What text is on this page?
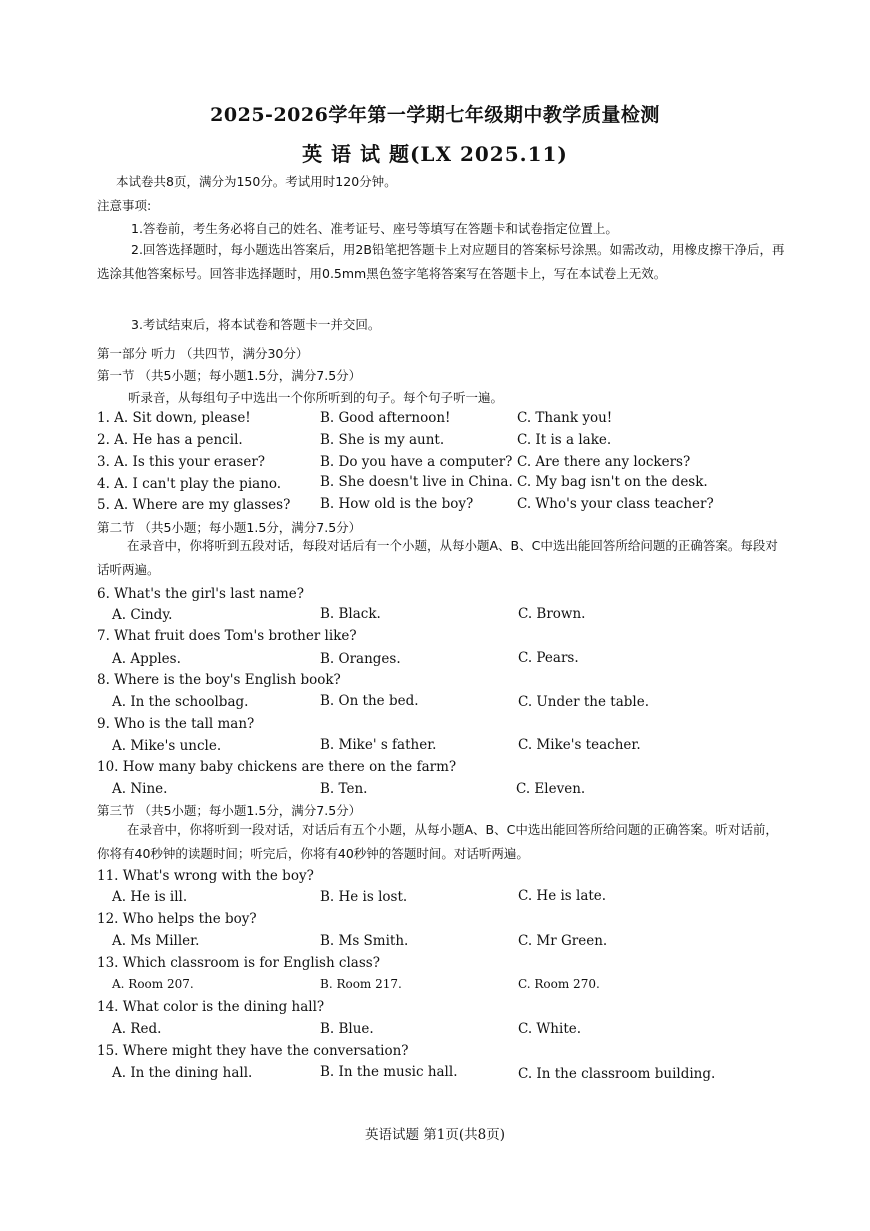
2025-2026学年第一学期七年级期中教学质量检测
英 语 试 题(LX 2025.11)
本试卷共8页，满分为150分。考试用时120分钟。
注意事项:
1.答卷前，考生务必将自己的姓名、准考证号、座号等填写在答题卡和试卷指定位置上。
2.回答选择题时，每小题选出答案后，用2B铅笔把答题卡上对应题目的答案标号涂黑。如需改动，用橡皮擦干净后，再选涂其他答案标号。回答非选择题时，用0.5mm黑色签字笔将答案写在答题卡上，写在本试卷上无效。
3.考试结束后，将本试卷和答题卡一并交回。
第一部分 听力 （共四节，满分30分）
第一节 （共5小题；每小题1.5分，满分7.5分）
听录音，从每组句子中选出一个你所听到的句子。每个句子听一遍。
1. A. Sit down, please!	B. Good afternoon!	C. Thank you!
2. A. He has a pencil.	B. She is my aunt.	C. It is a lake.
3. A. Is this your eraser?	B. Do you have a computer? C. Are there any lockers?
4. A. I can't play the piano.	B. She doesn't live in China. C. My bag isn't on the desk.
5. A. Where are my glasses? B. How old is the boy?	C. Who's your class teacher?
第二节 （共5小题；每小题1.5分，满分7.5分）
在录音中，你将听到五段对话，每段对话后有一个小题，从每小题A、B、C中选出能回答所给问题的正确答案。每段对话听两遍。
6. What's the girl's last name?
A. Cindy.	B. Black.	C. Brown.
7. What fruit does Tom's brother like?
A. Apples.	B. Oranges.	C. Pears.
8. Where is the boy's English book?
A. In the schoolbag.	B. On the bed.	C. Under the table.
9. Who is the tall man?
A. Mike's uncle.	B. Mike' s father.	C. Mike's teacher.
10. How many baby chickens are there on the farm?
A. Nine.	B. Ten.	C. Eleven.
第三节 （共5小题；每小题1.5分，满分7.5分）
在录音中，你将听到一段对话，对话后有五个小题，从每小题A、B、C中选出能回答所给问题的正确答案。听对话前，你将有40秒钟的读题时间；听完后，你将有40秒钟的答题时间。对话听两遍。
11. What's wrong with the boy?
A. He is ill.	B. He is lost.	C. He is late.
12. Who helps the boy?
A. Ms Miller.	B. Ms Smith.	C. Mr Green.
13. Which classroom is for English class?
A. Room 207.	B. Room 217.	C. Room 270.
14. What color is the dining hall?
A. Red.	B. Blue.	C. White.
15. Where might they have the conversation?
A. In the dining hall.	B. In the music hall.	C. In the classroom building.
英语试题 第1页(共8页)
